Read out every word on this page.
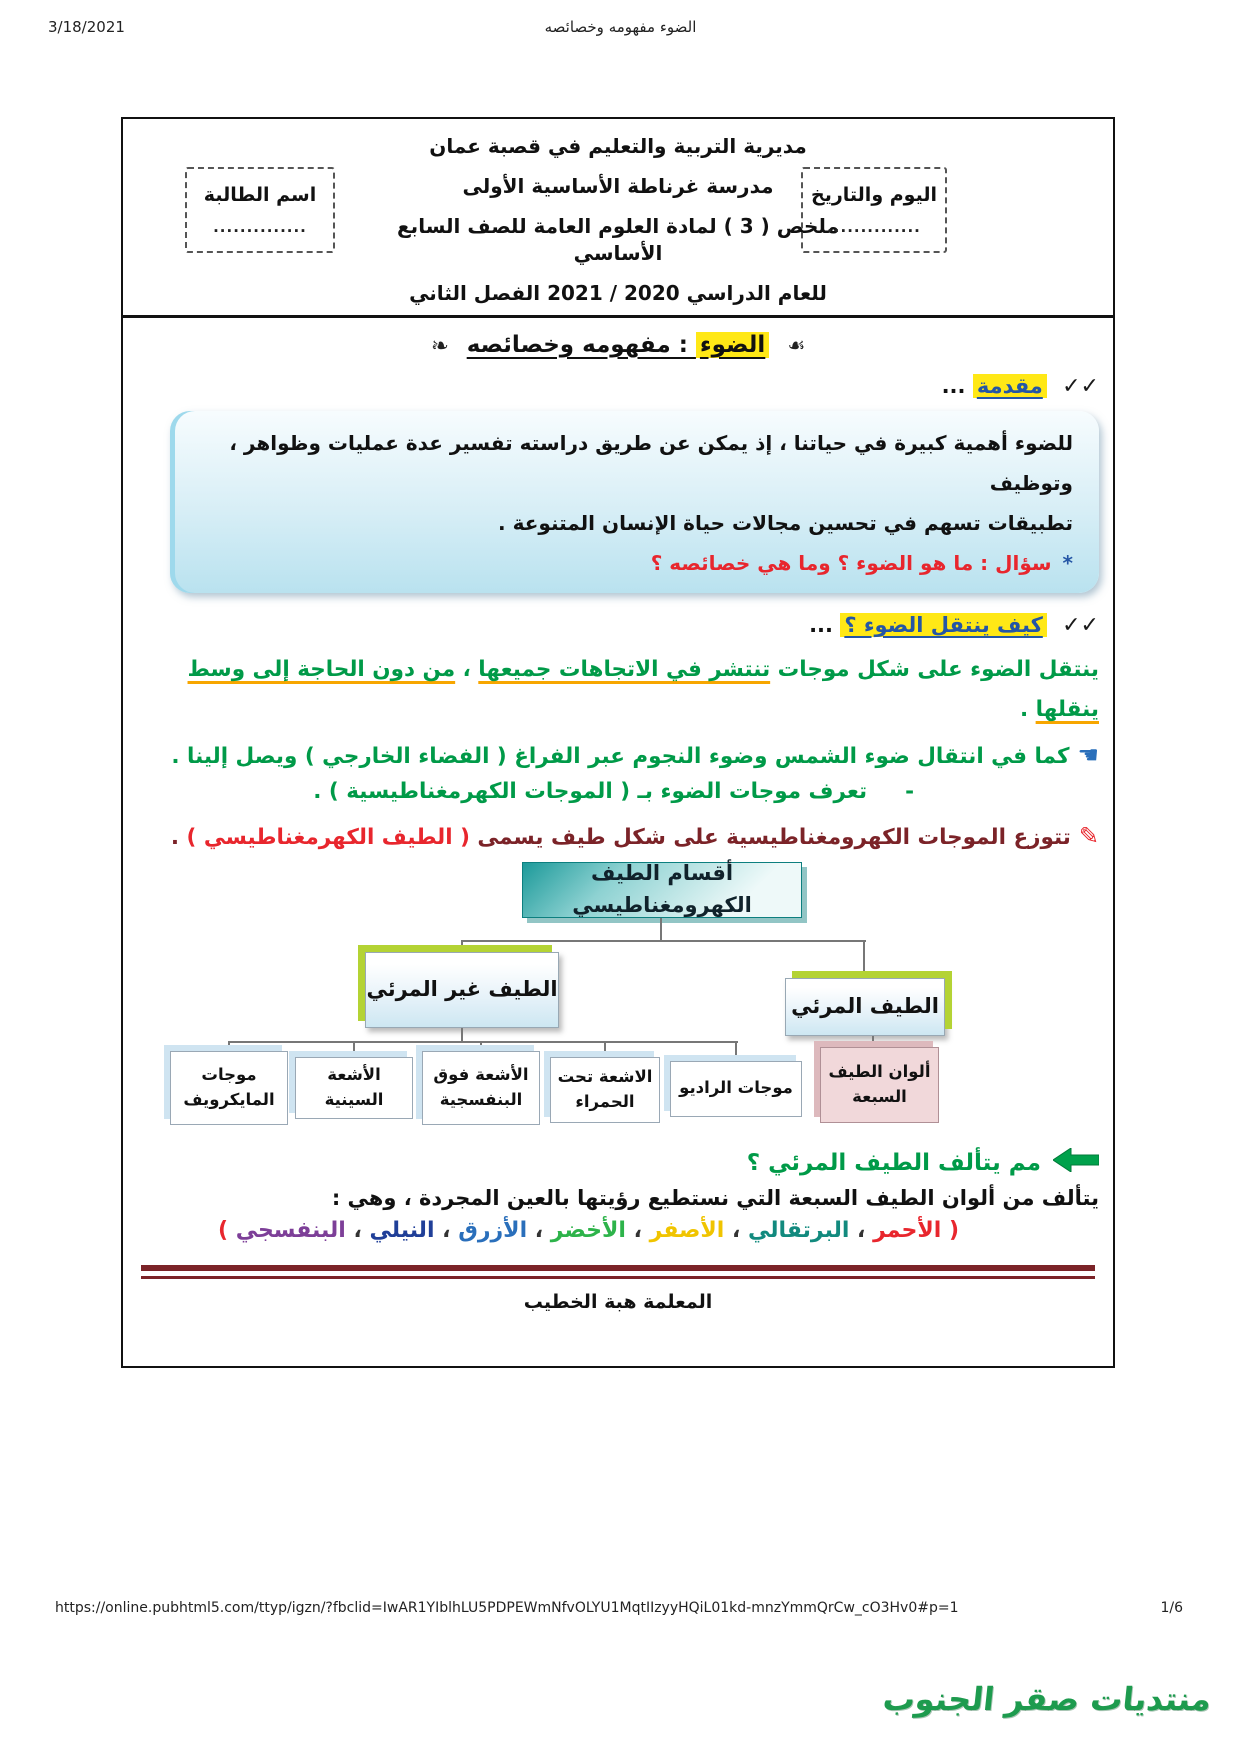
3/18/2021	الضوء مفهومه وخصائصه
اسم الطالبة
..............
مديرية التربية والتعليم في قصبة عمان
مدرسة غرناطة الأساسية الأولى
ملخص ( 3 ) لمادة العلوم العامة للصف السابع الأساسي
للعام الدراسي 2020 / 2021 الفصل الثاني
اليوم والتاريخ
..............
☙ الضوء : مفهومه وخصائصه ☙
✓✓ مقدمة ...
للضوء أهمية كبيرة في حياتنا ، إذ يمكن عن طريق دراسته تفسير عدة عمليات وظواهر ، وتوظيف
تطبيقات تسهم في تحسين مجالات حياة الإنسان المتنوعة .
* سؤال : ما هو الضوء ؟ وما هي خصائصه ؟
✓✓ كيف ينتقل الضوء ؟ ...
ينتقل الضوء على شكل موجات تنتشر في الاتجاهات جميعها ، من دون الحاجة إلى وسط
ينقلها .
☚كما في انتقال ضوء الشمس وضوء النجوم عبر الفراغ ( الفضاء الخارجي ) ويصل إلينا .
-تعرف موجات الضوء بـ ( الموجات الكهرمغناطيسية ) .
✎تتوزع الموجات الكهرومغناطيسية على شكل طيف يسمى ( الطيف الكهرمغناطيسي ) .
أقسام الطيف الكهرومغناطيسي
الطيف غير المرئي
الطيف المرئي
موجات المايكرويف
الأشعة السينية
الأشعة فوق البنفسجية
الاشعة تحت الحمراء
موجات الراديو
ألوان الطيف السبعة
مم يتألف الطيف المرئي ؟
يتألف من ألوان الطيف السبعة التي نستطيع رؤيتها بالعين المجردة ، وهي :
( الأحمر ، البرتقالي ، الأصفر ، الأخضر ، الأزرق ، النيلي ، البنفسجي )
المعلمة هبة الخطيب
https://online.pubhtml5.com/ttyp/igzn/?fbclid=IwAR1YIblhLU5PDPEWmNfvOLYU1MqtIIzyyHQiL01kd-mnzYmmQrCw_cO3Hv0#p=1	1/6
منتديات صقر الجنوب
